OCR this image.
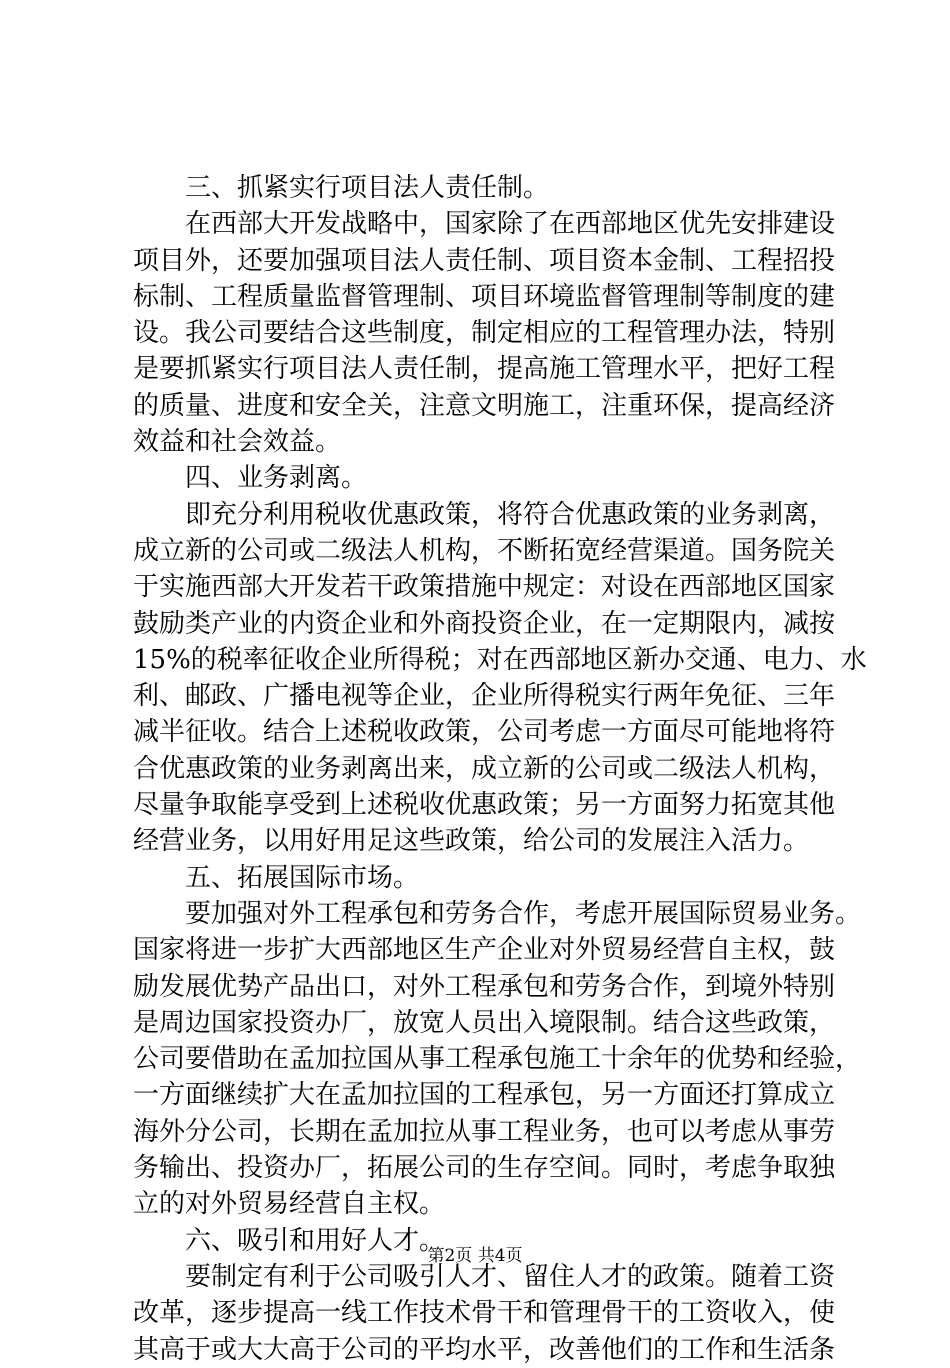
三、抓紧实行项目法人责任制。
在西部大开发战略中，国家除了在西部地区优先安排建设
项目外，还要加强项目法人责任制、项目资本金制、工程招投
标制、工程质量监督管理制、项目环境监督管理制等制度的建
设。我公司要结合这些制度，制定相应的工程管理办法，特别
是要抓紧实行项目法人责任制，提高施工管理水平，把好工程
的质量、进度和安全关，注意文明施工，注重环保，提高经济
效益和社会效益。
四、业务剥离。
即充分利用税收优惠政策，将符合优惠政策的业务剥离，
成立新的公司或二级法人机构，不断拓宽经营渠道。国务院关
于实施西部大开发若干政策措施中规定：对设在西部地区国家
鼓励类产业的内资企业和外商投资企业，在一定期限内，减按
15%的税率征收企业所得税；对在西部地区新办交通、电力、水
利、邮政、广播电视等企业，企业所得税实行两年免征、三年
减半征收。结合上述税收政策，公司考虑一方面尽可能地将符
合优惠政策的业务剥离出来，成立新的公司或二级法人机构，
尽量争取能享受到上述税收优惠政策；另一方面努力拓宽其他
经营业务，以用好用足这些政策，给公司的发展注入活力。
五、拓展国际市场。
要加强对外工程承包和劳务合作，考虑开展国际贸易业务。
国家将进一步扩大西部地区生产企业对外贸易经营自主权，鼓
励发展优势产品出口，对外工程承包和劳务合作，到境外特别
是周边国家投资办厂，放宽人员出入境限制。结合这些政策，
公司要借助在孟加拉国从事工程承包施工十余年的优势和经验，
一方面继续扩大在孟加拉国的工程承包，另一方面还打算成立
海外分公司，长期在孟加拉从事工程业务，也可以考虑从事劳
务输出、投资办厂，拓展公司的生存空间。同时，考虑争取独
立的对外贸易经营自主权。
六、吸引和用好人才。
要制定有利于公司吸引人才、留住人才的政策。随着工资
改革，逐步提高一线工作技术骨干和管理骨干的工资收入，使
其高于或大大高于公司的平均水平，改善他们的工作和生活条
第2页 共4页
